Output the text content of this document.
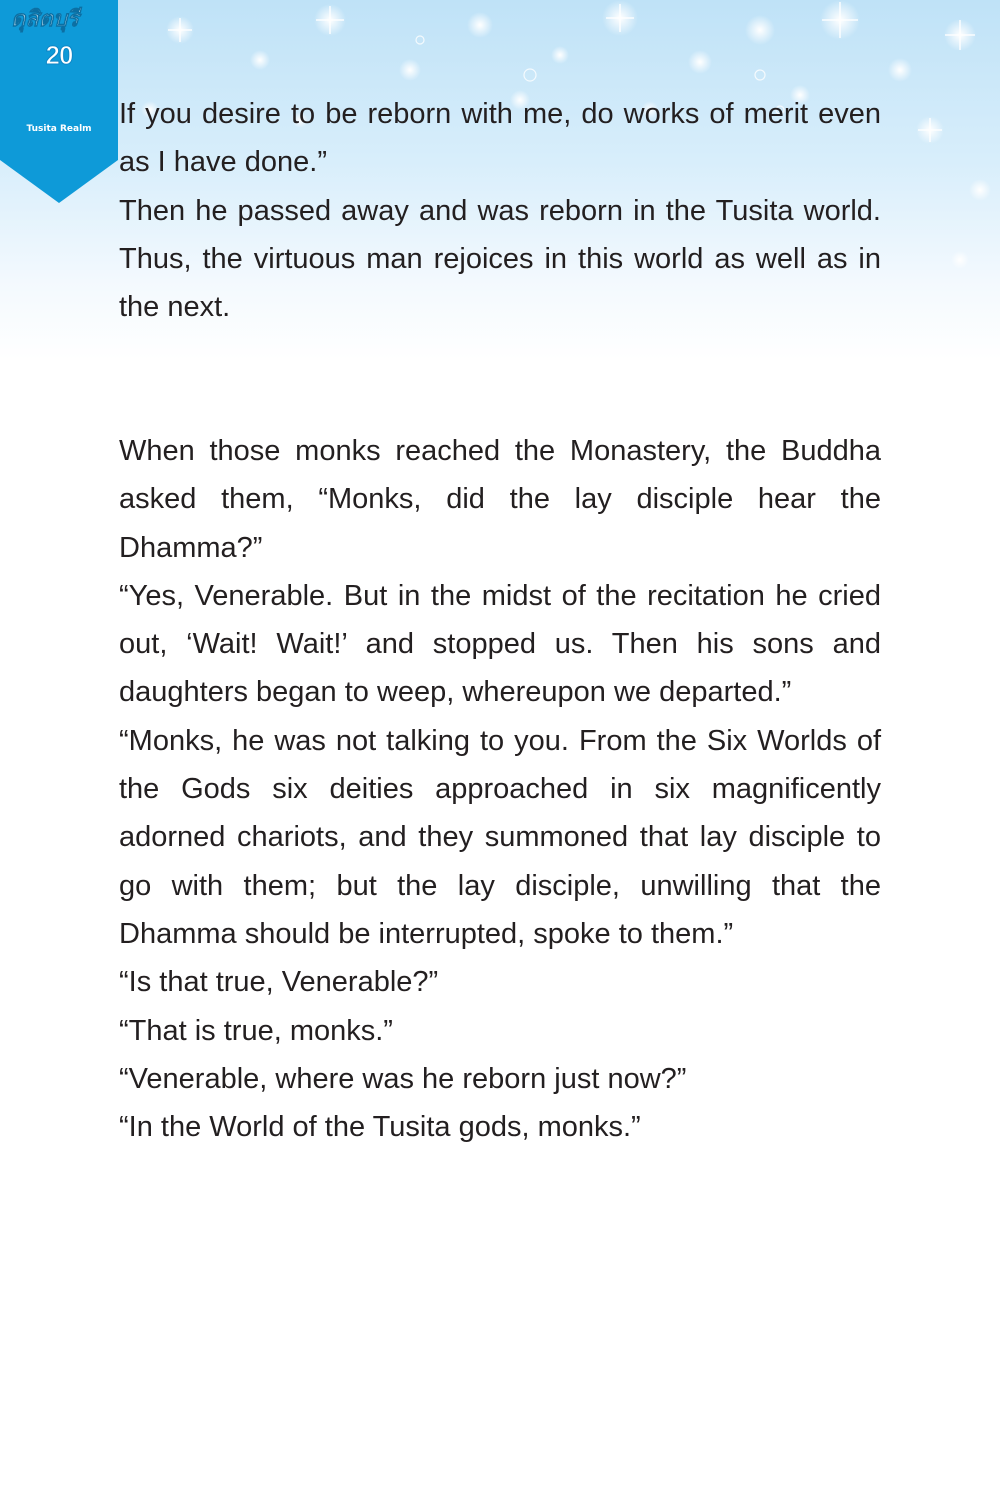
20
ดุสิตบุรี
Tusita Realm If you desire to be reborn with me, do works of merit even as I have done.”

Then he passed away and was reborn in the Tusita world. Thus, the virtuous man rejoices in this world as well as in the next.

When those monks reached the Monastery, the Buddha asked them, “Monks, did the lay disciple hear the Dhamma?”

“Yes, Venerable. But in the midst of the recitation he cried out, ‘Wait! Wait!’ and stopped us. Then his sons and daughters began to weep, whereupon we departed.”

“Monks, he was not talking to you. From the Six Worlds of the Gods six deities approached in six magnificently adorned chariots, and they summoned that lay disciple to go with them; but the lay disciple, unwilling that the Dhamma should be interrupted, spoke to them.”

“Is that true, Venerable?”

“That is true, monks.”

“Venerable, where was he reborn just now?”

“In the World of the Tusita gods, monks.”
